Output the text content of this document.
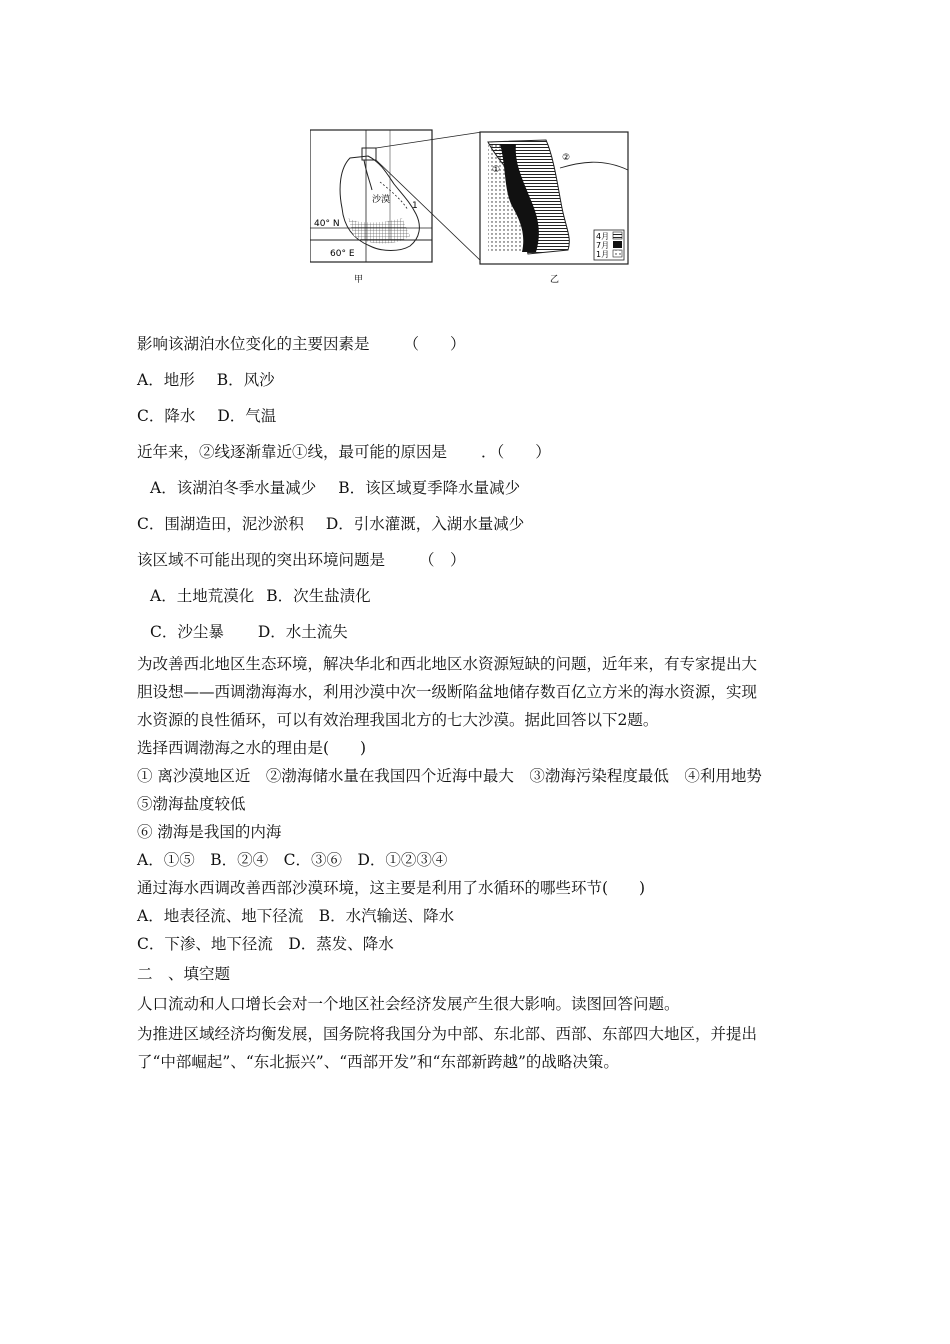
沙漠
1
40° N
60° E
甲
①
②
4月
7月
1月
乙
影响该湖泊水位变化的主要因素是 （　　）
A．地形 B．风沙
C．降水 D．气温
近年来，②线逐渐靠近①线，最可能的原因是 ．（　　）
A．该湖泊冬季水量减少 B．该区域夏季降水量减少
C．围湖造田，泥沙淤积 D．引水灌溉，入湖水量减少
该区域不可能出现的突出环境问题是 （　）
A．土地荒漠化 B．次生盐渍化
C．沙尘暴 D．水土流失
为改善西北地区生态环境，解决华北和西北地区水资源短缺的问题，近年来，有专家提出大
胆设想——西调渤海海水，利用沙漠中次一级断陷盆地储存数百亿立方米的海水资源，实现
水资源的良性循环，可以有效治理我国北方的七大沙漠。据此回答以下2题。
选择西调渤海之水的理由是(　　)
① 离沙漠地区近　②渤海储水量在我国四个近海中最大　③渤海污染程度最低　④利用地势
⑤渤海盐度较低
⑥ 渤海是我国的内海
A．①⑤　B．②④　C．③⑥　D．①②③④
通过海水西调改善西部沙漠环境，这主要是利用了水循环的哪些环节(　　)
A．地表径流、地下径流　B．水汽输送、降水
C．下渗、地下径流　D．蒸发、降水
二　、填空题
人口流动和人口增长会对一个地区社会经济发展产生很大影响。读图回答问题。
为推进区域经济均衡发展，国务院将我国分为中部、东北部、西部、东部四大地区，并提出
了“中部崛起”、“东北振兴”、“西部开发”和“东部新跨越”的战略决策。
